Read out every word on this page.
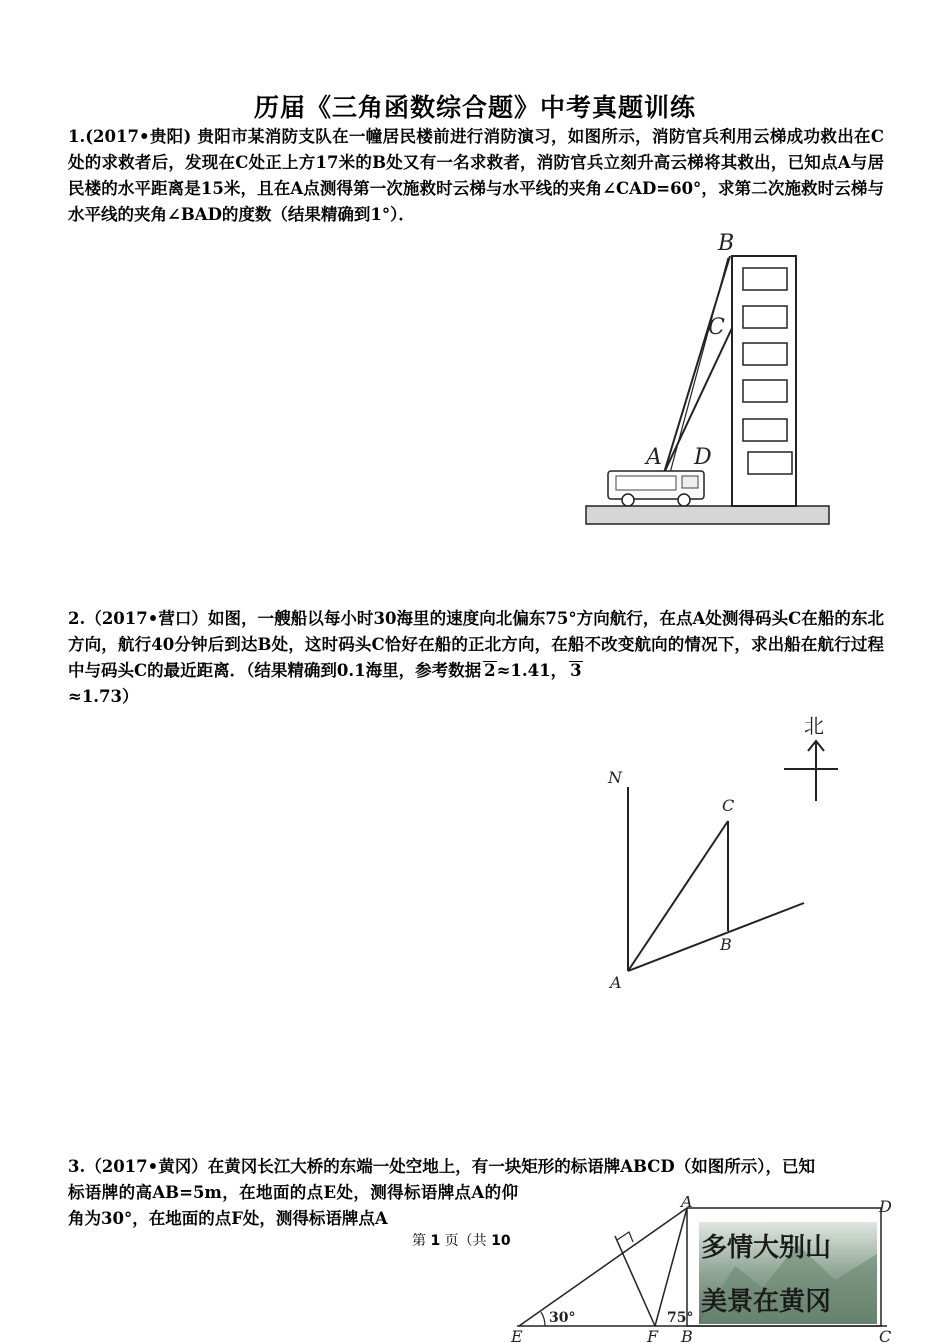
历届《三角函数综合题》中考真题训练
1.(2017•贵阳) 贵阳市某消防支队在一幢居民楼前进行消防演习，如图所示，消防官兵利用云梯成功救出在C处的求救者后，发现在C处正上方17米的B处又有一名求救者，消防官兵立刻升高云梯将其救出，已知点A与居民楼的水平距离是15米，且在A点测得第一次施救时云梯与水平线的夹角∠CAD=60°，求第二次施救时云梯与水平线的夹角∠BAD的度数（结果精确到1°）．
B
C
A D
2.（2017•营口）如图，一艘船以每小时30海里的速度向北偏东75°方向航行，在点A处测得码头C在船的东北方向，航行40分钟后到达B处，这时码头C恰好在船的正北方向，在船不改变航向的情况下，求出船在航行过程中与码头C的最近距离．（结果精确到0.1海里，参考数据 2≈1.41， 3
≈1.73）
北
N
C
B
A
3.（2017•黄冈）在黄冈长江大桥的东端一处空地上，有一块矩形的标语牌ABCD（如图所示），已知
标语牌的高AB=5m，在地面的点E处，测得标语牌点A的仰角为30°，在地面的点F处，测得标语牌点A
第 1 页（共 10	多情大别山
美景在黄冈
30°	75°
A	D
E	F B	C
